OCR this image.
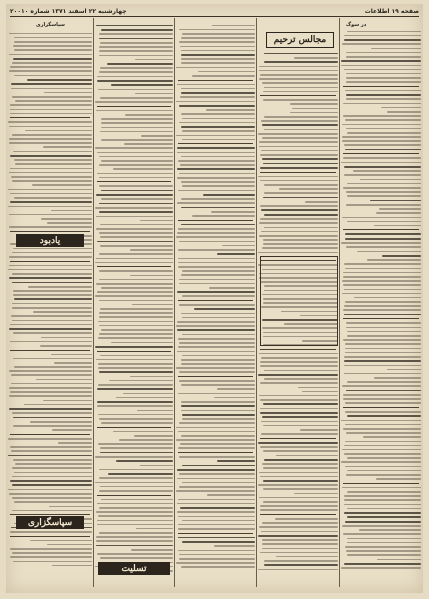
صفحه ۱۹ اطلاعات
چهارشنبه ۲۲ اسفند ۱۳۷۱ شماره ۲۰۰۱۰
در سوگ
سپاسگزاری
مجالس ترحیم
یادبود
سپاسگزاری
تسلیت
